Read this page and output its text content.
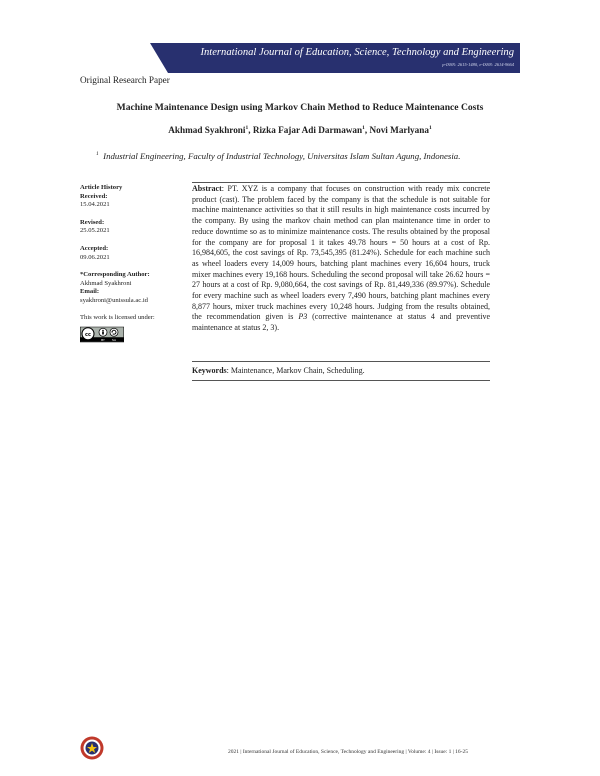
International Journal of Education, Science, Technology and Engineering
p-ISSN: 2615-1480, e-ISSN: 2614-9664
Original Research Paper
Machine Maintenance Design using Markov Chain Method to Reduce Maintenance Costs
Akhmad Syakhroni$^1$, Rizka Fajar Adi Darmawan$^1$, Novi Marlyana$^1$
$^1$ Industrial Engineering, Faculty of Industrial Technology, Universitas Islam Sultan Agung, Indonesia.
Article History
Received:
15.04.2021
Revised:
25.05.2021
Accepted:
09.06.2021
*Corresponding Author:
Akhmad Syakhroni
Email:
syakhroni@unissula.ac.id
This work is licensed under:
cc
BY SA
Abstract: PT. XYZ is a company that focuses on construction with ready mix concrete product (cast). The problem faced by the company is that the schedule is not suitable for machine maintenance activities so that it still results in high maintenance costs incurred by the company. By using the markov chain method can plan maintenance time in order to reduce downtime so as to minimize maintenance costs. The results obtained by the proposal for the company are for proposal 1 it takes 49.78 hours = 50 hours at a cost of Rp. 16,984,605, the cost savings of Rp. 73,545,395 (81.24%). Schedule for each machine such as wheel loaders every 14,009 hours, batching plant machines every 16,604 hours, truck mixer machines every 19,168 hours. Scheduling the second proposal will take 26.62 hours = 27 hours at a cost of Rp. 9,080,664, the cost savings of Rp. 81,449,336 (89.97%). Schedule for every machine such as wheel loaders every 7,490 hours, batching plant machines every 8,877 hours, mixer truck machines every 10,248 hours. Judging from the results obtained, the recommendation given is P3 (corrective maintenance at status 4 and preventive maintenance at status 2, 3).
Keywords: Maintenance, Markov Chain, Scheduling.
2021 | International Journal of Education, Science, Technology and Engineering | Volume: 4 | Issue: 1 | 16-25
